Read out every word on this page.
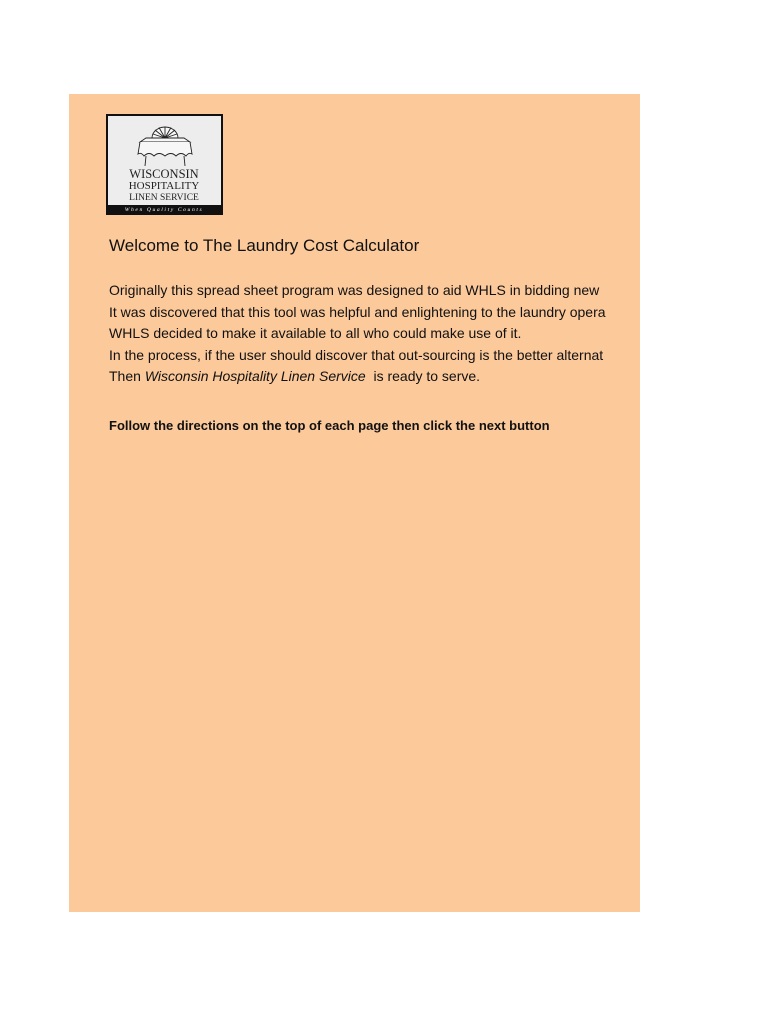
WISCONSIN
HOSPITALITY
LINEN SERVICE
When Quality Counts
Welcome to The Laundry Cost Calculator

Originally this spread sheet program was designed to aid WHLS in bidding new
It was discovered that this tool was helpful and enlightening to the laundry opera
WHLS decided to make it available to all who could make use of it.
In the process, if the user should discover that out-sourcing is the better alternat
Then Wisconsin Hospitality Linen Service is ready to serve.

Follow the directions on the top of each page then click the next button
